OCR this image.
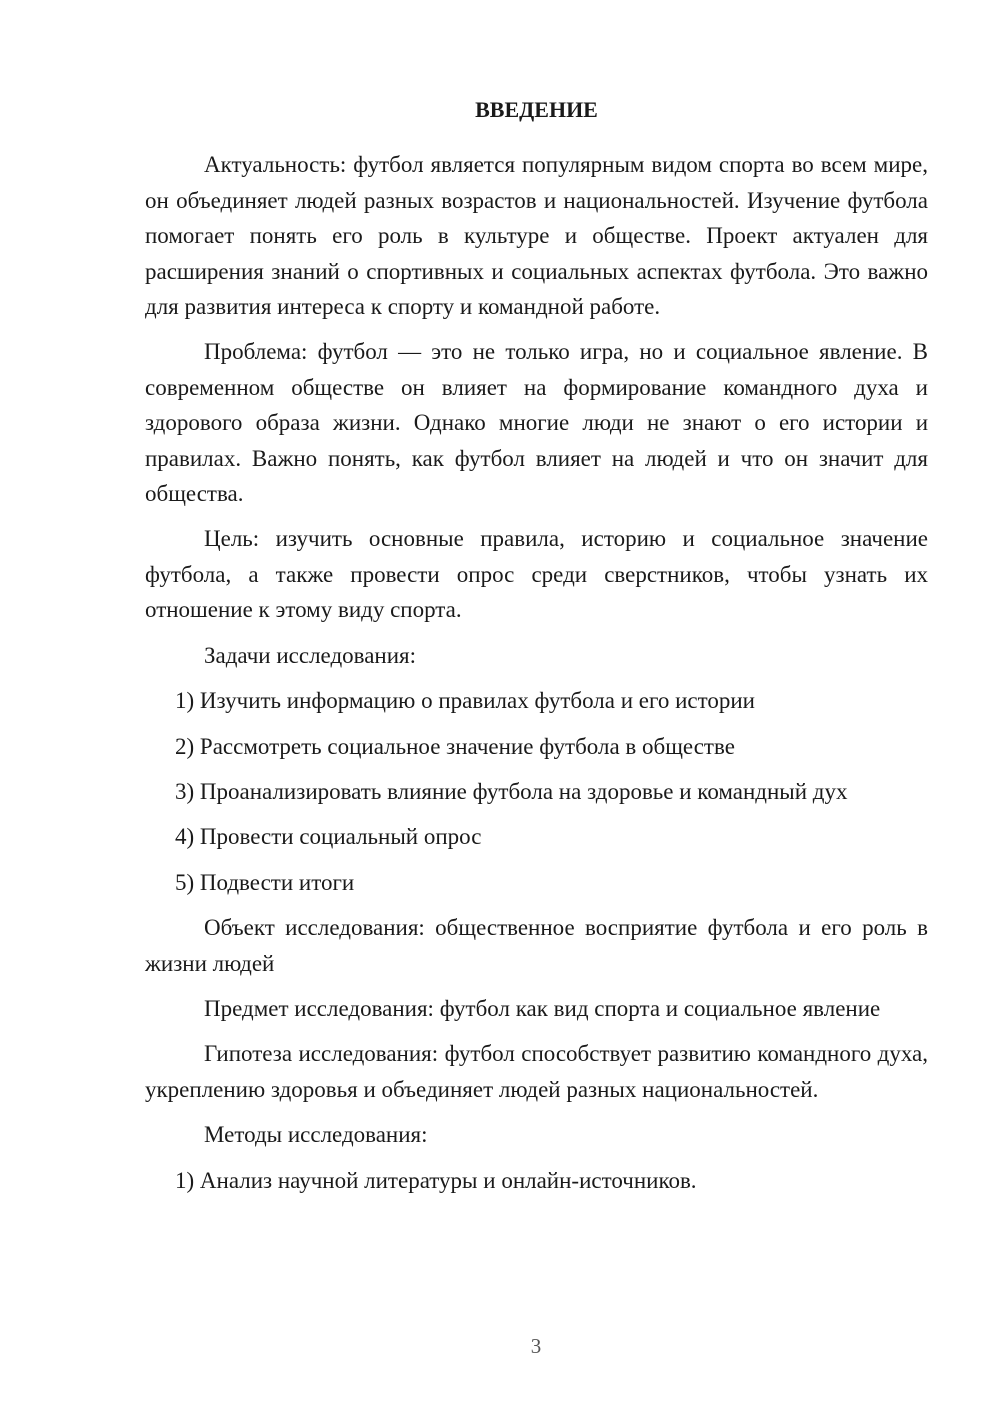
ВВЕДЕНИЕ

Актуальность: футбол является популярным видом спорта во всем мире, он объединяет людей разных возрастов и национальностей. Изучение футбола помогает понять его роль в культуре и обществе. Проект актуален для расширения знаний о спортивных и социальных аспектах футбола. Это важно для развития интереса к спорту и командной работе.

Проблема: футбол — это не только игра, но и социальное явление. В современном обществе он влияет на формирование командного духа и здорового образа жизни. Однако многие люди не знают о его истории и правилах. Важно понять, как футбол влияет на людей и что он значит для общества.

Цель: изучить основные правила, историю и социальное значение футбола, а также провести опрос среди сверстников, чтобы узнать их отношение к этому виду спорта.

Задачи исследования:

1) Изучить информацию о правилах футбола и его истории

2) Рассмотреть социальное значение футбола в обществе

3) Проанализировать влияние футбола на здоровье и командный дух

4) Провести социальный опрос

5) Подвести итоги

Объект исследования: общественное восприятие футбола и его роль в жизни людей

Предмет исследования: футбол как вид спорта и социальное явление

Гипотеза исследования: футбол способствует развитию командного духа, укреплению здоровья и объединяет людей разных национальностей.

Методы исследования:

1) Анализ научной литературы и онлайн-источников.

3
